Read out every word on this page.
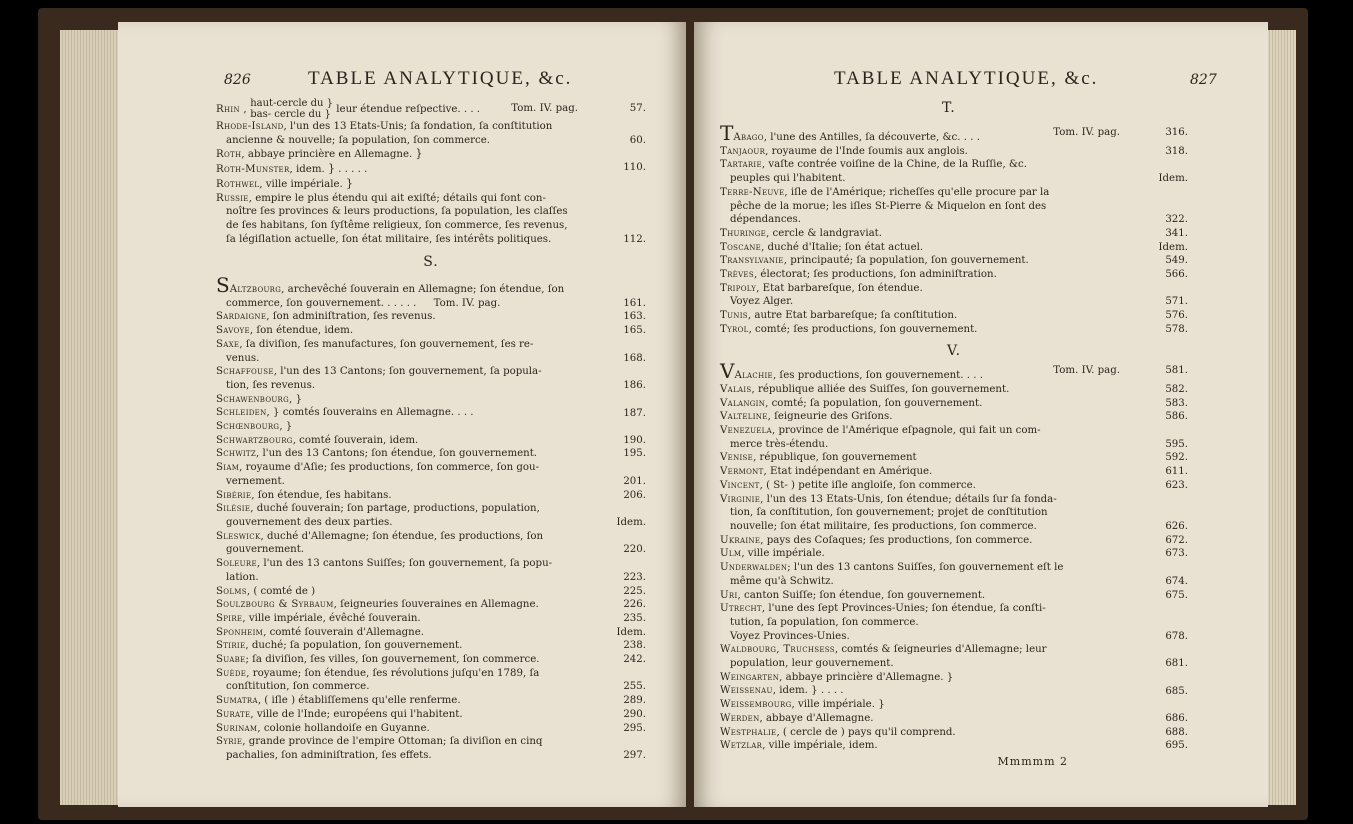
826	TABLE ANALYTIQUE, &c.
Rhin , haut-cercle du }
bas- cercle du } leur étendue reſpective. . . .	Tom. IV. pag.	57.
Rhode-Island, l'un des 13 Etats-Unis; ſa fondation, ſa conſtitution
ancienne & nouvelle; ſa population, ſon commerce.	60.
Roth, abbaye princière en Allemagne. }
Roth-Munster, idem. } . . . . .
Rothwel, ville impériale. }
110.
Russie, empire le plus étendu qui ait exiſté; détails qui font con-
noître ſes provinces & leurs productions, ſa population, les claſſes
de ſes habitans, ſon ſyſtême religieux, ſon commerce, ſes revenus,
ſa légiſlation actuelle, ſon état militaire, ſes intérêts politiques.	112.
S.
SAltzbourg, archevêché ſouverain en Allemagne; ſon étendue, ſon
commerce, ſon gouvernement. . . . . . Tom. IV. pag.	161.
Sardaigne, ſon adminiſtration, ſes revenus.	163.
Savoye, ſon étendue, idem.	165.
Saxe, ſa diviſion, ſes manufactures, ſon gouvernement, ſes re-
venus.	168.
Schaffouse, l'un des 13 Cantons; ſon gouvernement, ſa popula-
tion, ſes revenus.	186.
Schawenbourg, }
Schleiden, } comtés ſouverains en Allemagne. . . .
Schœnbourg, }
187.
Schwartzbourg, comté ſouverain, idem.	190.
Schwitz, l'un des 13 Cantons; ſon étendue, ſon gouvernement.	195.
Siam, royaume d'Aſie; ſes productions, ſon commerce, ſon gou-
vernement.	201.
Sibérie, ſon étendue, ſes habitans.	206.
Silésie, duché ſouverain; ſon partage, productions, population,
gouvernement des deux parties.	Idem.
Sleswick, duché d'Allemagne; ſon étendue, ſes productions, ſon
gouvernement.	220.
Soleure, l'un des 13 cantons Suiſſes; ſon gouvernement, ſa popu-
lation.	223.
Solms, ( comté de )	225.
Soulzbourg & Syrbaum, ſeigneuries ſouveraines en Allemagne.	226.
Spire, ville impériale, évêché ſouverain.	235.
Sponheim, comté ſouverain d'Allemagne.	Idem.
Stirie, duché; ſa population, ſon gouvernement.	238.
Suabe; ſa diviſion, ſes villes, ſon gouvernement, ſon commerce.	242.
Suède, royaume; ſon étendue, ſes révolutions juſqu'en 1789, ſa
conſtitution, ſon commerce.	255.
Sumatra, ( iſle ) établiſſemens qu'elle renferme.	289.
Surate, ville de l'Inde; européens qui l'habitent.	290.
Surinam, colonie hollandoiſe en Guyanne.	295.
Syrie, grande province de l'empire Ottoman; ſa diviſion en cinq
pachalies, ſon adminiſtration, ſes effets.	297.
TABLE ANALYTIQUE, &c.	827
T.
TAbago, l'une des Antilles, ſa découverte, &c. . . .	Tom. IV. pag.	316.
Tanjaour, royaume de l'Inde ſoumis aux anglois.	318.
Tartarie, vaſte contrée voiſine de la Chine, de la Ruſſie, &c.
peuples qui l'habitent.	Idem.
Terre-Neuve, iſle de l'Amérique; richeſſes qu'elle procure par la
pêche de la morue; les iſles St-Pierre & Miquelon en ſont des
dépendances.	322.
Thuringe, cercle & landgraviat.	341.
Toscane, duché d'Italie; ſon état actuel.	Idem.
Transylvanie, principauté; ſa population, ſon gouvernement.	549.
Trèves, électorat; ſes productions, ſon adminiſtration.	566.
Tripoly, Etat barbareſque, ſon étendue.
Voyez Alger.	571.
Tunis, autre Etat barbareſque; ſa conſtitution.	576.
Tyrol, comté; ſes productions, ſon gouvernement.	578.
V.
VAlachie, ſes productions, ſon gouvernement. . . .	Tom. IV. pag.	581.
Valais, république alliée des Suiſſes, ſon gouvernement.	582.
Valangin, comté; ſa population, ſon gouvernement.	583.
Valteline, ſeigneurie des Griſons.	586.
Venezuela, province de l'Amérique eſpagnole, qui fait un com-
merce très-étendu.	595.
Venise, république, ſon gouvernement	592.
Vermont, Etat indépendant en Amérique.	611.
Vincent, ( St- ) petite iſle angloiſe, ſon commerce.	623.
Virginie, l'un des 13 Etats-Unis, ſon étendue; détails ſur ſa fonda-
tion, ſa conſtitution, ſon gouvernement; projet de conſtitution
nouvelle; ſon état militaire, ſes productions, ſon commerce.	626.
Ukraine, pays des Coſaques; ſes productions, ſon commerce.	672.
Ulm, ville impériale.	673.
Underwalden; l'un des 13 cantons Suiſſes, ſon gouvernement eſt le
même qu'à Schwitz.	674.
Uri, canton Suiſſe; ſon étendue, ſon gouvernement.	675.
Utrecht, l'une des ſept Provinces-Unies; ſon étendue, ſa conſti-
tution, ſa population, ſon commerce.
Voyez Provinces-Unies.	678.
Waldbourg, Truchsess, comtés & ſeigneuries d'Allemagne; leur
population, leur gouvernement.	681.
Weingarten, abbaye princière d'Allemagne. }
Weissenau, idem. } . . . .
Weissembourg, ville impériale. }
685.
Werden, abbaye d'Allemagne.	686.
Westphalie, ( cercle de ) pays qu'il comprend.	688.
Wetzlar, ville impériale, idem.	695.
Mmmmm 2
